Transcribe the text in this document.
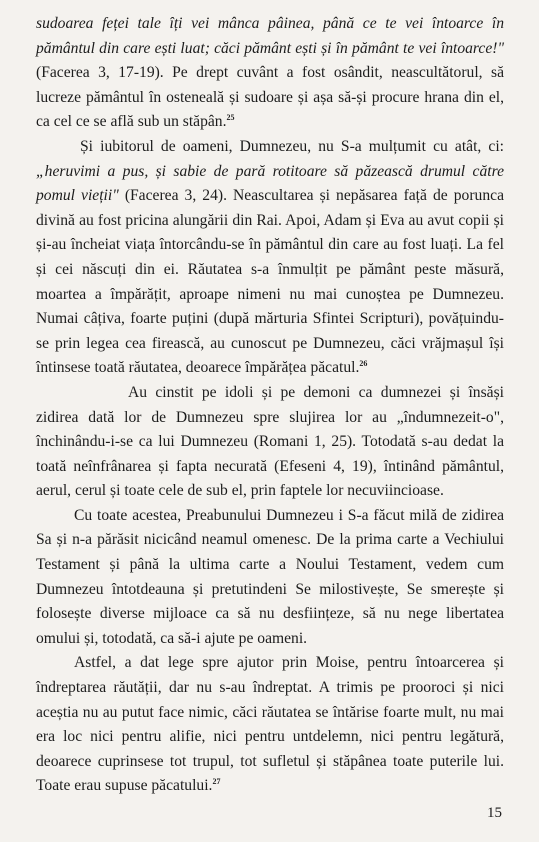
sudoarea feței tale îți vei mânca pâinea, până ce te vei întoarce în pământul din care ești luat; căci pământ ești și în pământ te vei întoarce!" (Facerea 3, 17-19). Pe drept cuvânt a fost osândit, neascultătorul, să lucreze pământul în osteneală și sudoare și așa să-și procure hrana din el, ca cel ce se află sub un stăpân.$^{25}$

Și iubitorul de oameni, Dumnezeu, nu S-a mulțumit cu atât, ci: „heruvimi a pus, și sabie de pară rotitoare să păzească drumul către pomul vieții" (Facerea 3, 24). Neascultarea și nepăsarea față de porunca divină au fost pricina alungării din Rai. Apoi, Adam și Eva au avut copii și și-au încheiat viața întorcându-se în pământul din care au fost luați. La fel și cei născuți din ei. Răutatea s-a înmulțit pe pământ peste măsură, moartea a împărățit, aproape nimeni nu mai cunoștea pe Dumnezeu. Numai câțiva, foarte puțini (după mărturia Sfintei Scripturi), povățuindu-se prin legea cea firească, au cunoscut pe Dumnezeu, căci vrăjmașul își întinsese toată răutatea, deoarece împărățea păcatul.$^{26}$

Au cinstit pe idoli și pe demoni ca dumnezei și însăși zidirea dată lor de Dumnezeu spre slujirea lor au „îndumnezeit-o", închinându-i-se ca lui Dumnezeu (Romani 1, 25). Totodată s-au dedat la toată neînfrânarea și fapta necurată (Efeseni 4, 19), întinând pământul, aerul, cerul și toate cele de sub el, prin faptele lor necuviincioase.

Cu toate acestea, Preabunului Dumnezeu i S-a făcut milă de zidirea Sa și n-a părăsit nicicând neamul omenesc. De la prima carte a Vechiului Testament și până la ultima carte a Noului Testament, vedem cum Dumnezeu întotdeauna și pretutindeni Se milostivește, Se smerește și folosește diverse mijloace ca să nu desființeze, să nu nege libertatea omului și, totodată, ca să-i ajute pe oameni.

Astfel, a dat lege spre ajutor prin Moise, pentru întoarcerea și îndreptarea răutății, dar nu s-au îndreptat. A trimis pe prooroci și nici aceștia nu au putut face nimic, căci răutatea se întărise foarte mult, nu mai era loc nici pentru alifie, nici pentru untdelemn, nici pentru legătură, deoarece cuprinsese tot trupul, tot sufletul și stăpânea toate puterile lui. Toate erau supuse păcatului.$^{27}$

15
